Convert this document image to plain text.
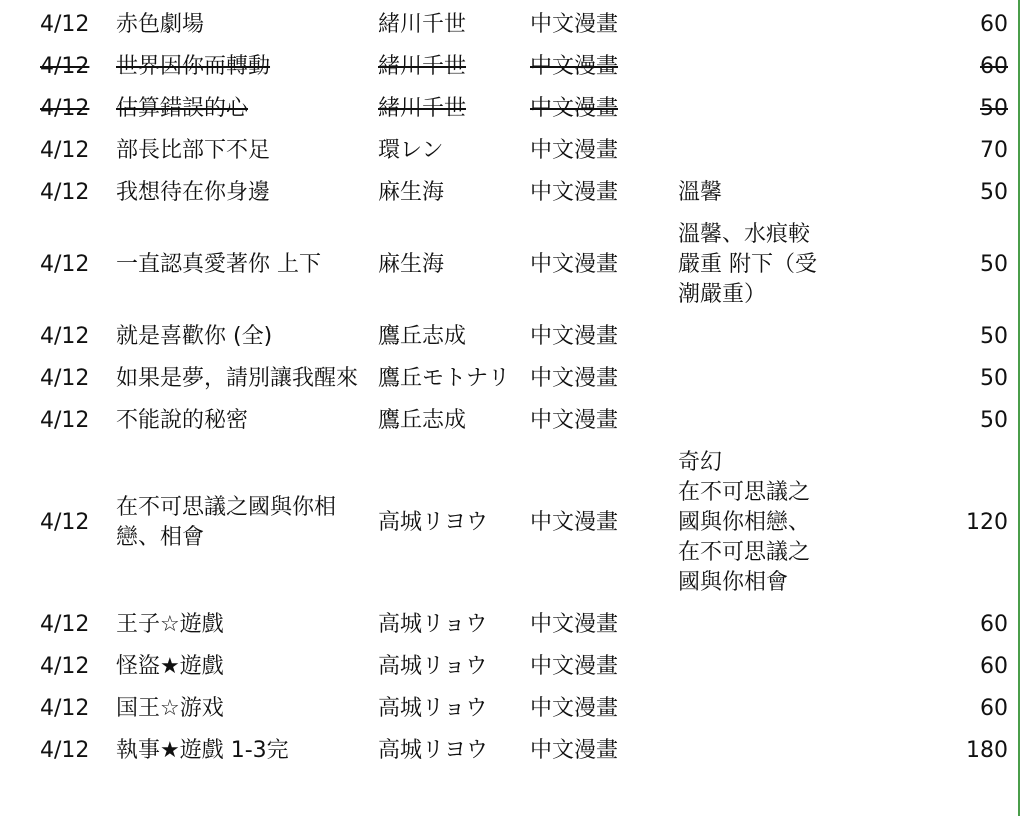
4/12	赤色劇場	緒川千世	中文漫畫		60
4/12	世界因你而轉動	緒川千世	中文漫畫		60
4/12	估算錯誤的心	緒川千世	中文漫畫		50
4/12	部長比部下不足	環レン	中文漫畫		70
4/12	我想待在你身邊	麻生海	中文漫畫	溫馨	50
4/12	一直認真愛著你 上下	麻生海	中文漫畫	溫馨、水痕較
嚴重 附下（受
潮嚴重）	50
4/12	就是喜歡你 (全)	鷹丘志成	中文漫畫		50
4/12	如果是夢，請別讓我醒來	鷹丘モトナリ	中文漫畫		50
4/12	不能說的秘密	鷹丘志成	中文漫畫		50
4/12	在不可思議之國與你相戀、相會	高城リヨウ	中文漫畫	奇幻
在不可思議之
國與你相戀、
在不可思議之
國與你相會	120
4/12	王子☆遊戲	高城リョウ	中文漫畫		60
4/12	怪盜★遊戲	高城リョウ	中文漫畫		60
4/12	国王☆游戏	高城リョウ	中文漫畫		60
4/12	執事★遊戲 1-3完	高城リヨウ	中文漫畫		180
